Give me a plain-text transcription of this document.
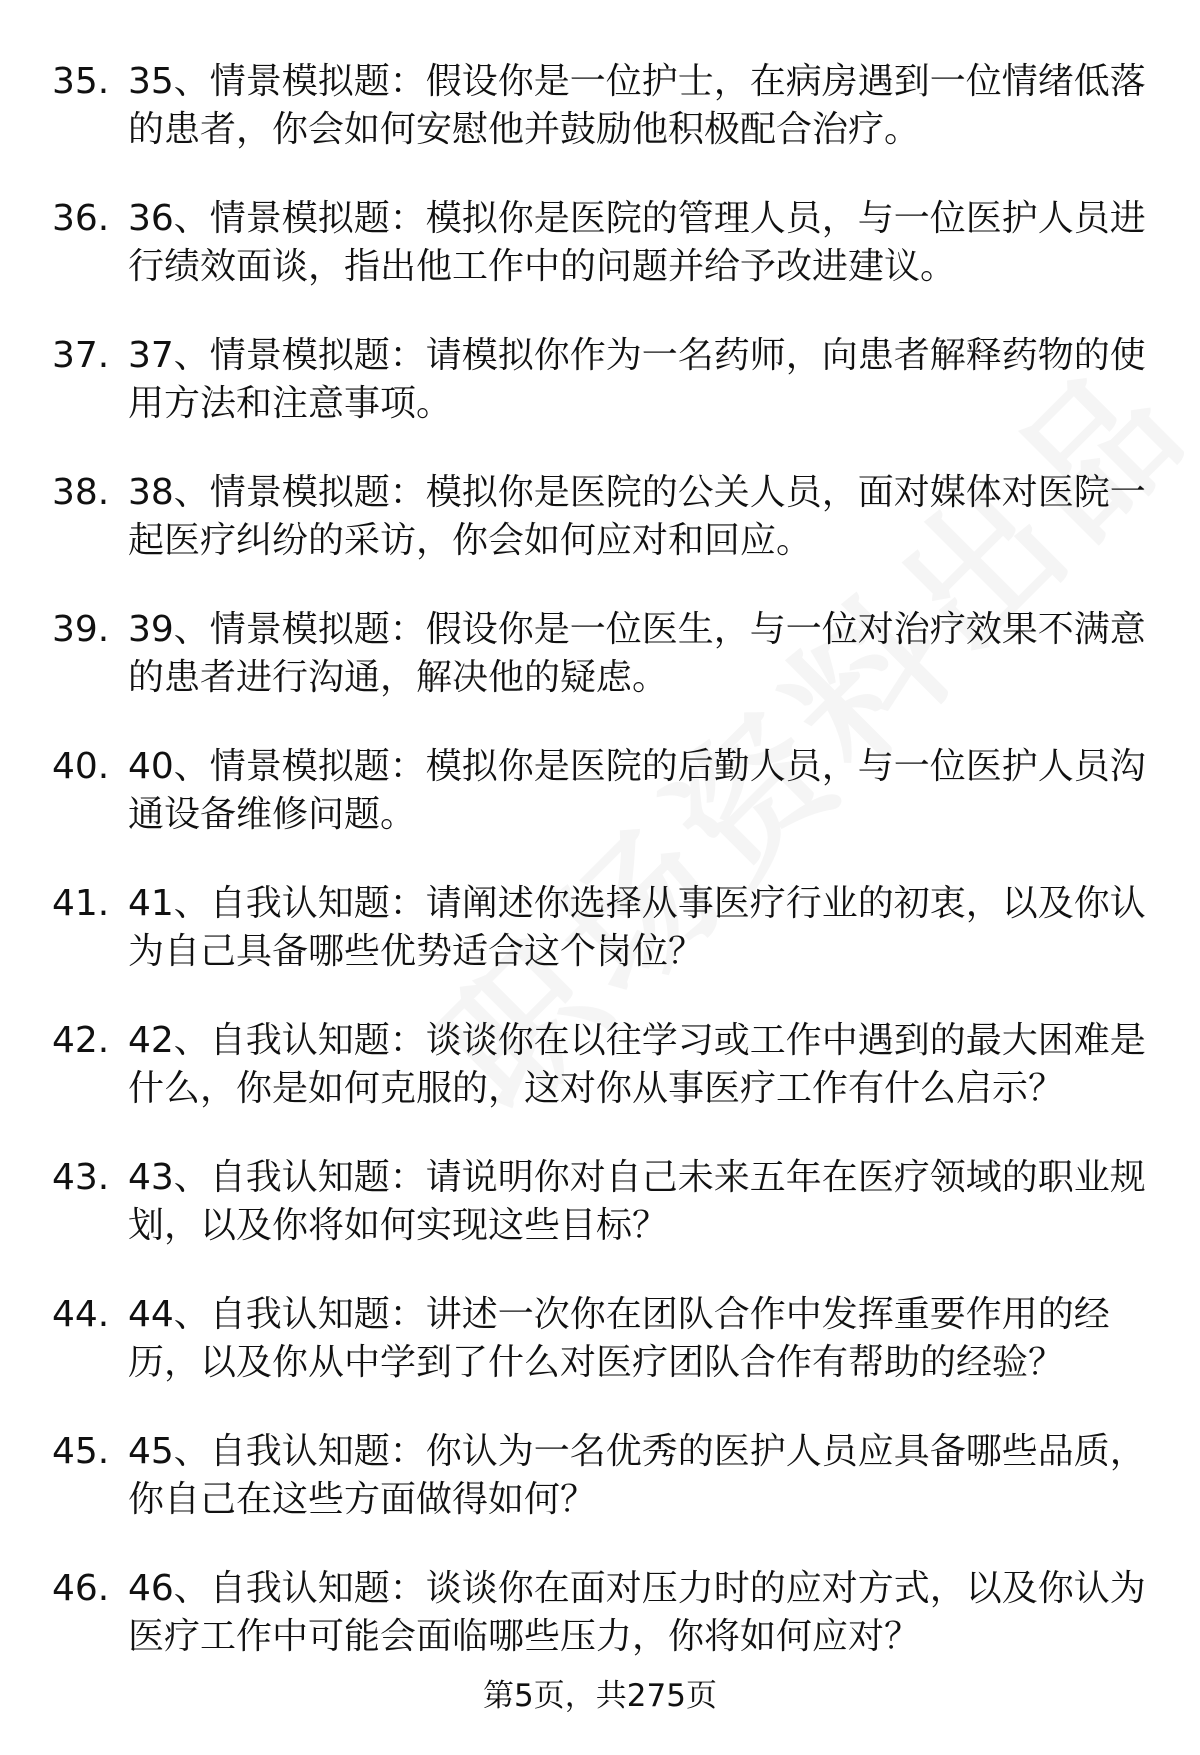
35. 35、情景模拟题：假设你是一位护士，在病房遇到一位情绪低落的患者，你会如何安慰他并鼓励他积极配合治疗。
36. 36、情景模拟题：模拟你是医院的管理人员，与一位医护人员进行绩效面谈，指出他工作中的问题并给予改进建议。
37. 37、情景模拟题：请模拟你作为一名药师，向患者解释药物的使用方法和注意事项。
38. 38、情景模拟题：模拟你是医院的公关人员，面对媒体对医院一起医疗纠纷的采访，你会如何应对和回应。
39. 39、情景模拟题：假设你是一位医生，与一位对治疗效果不满意的患者进行沟通，解决他的疑虑。
40. 40、情景模拟题：模拟你是医院的后勤人员，与一位医护人员沟通设备维修问题。
41. 41、自我认知题：请阐述你选择从事医疗行业的初衷，以及你认为自己具备哪些优势适合这个岗位？
42. 42、自我认知题：谈谈你在以往学习或工作中遇到的最大困难是什么，你是如何克服的，这对你从事医疗工作有什么启示？
43. 43、自我认知题：请说明你对自己未来五年在医疗领域的职业规划，以及你将如何实现这些目标？
44. 44、自我认知题：讲述一次你在团队合作中发挥重要作用的经历，以及你从中学到了什么对医疗团队合作有帮助的经验？
45. 45、自我认知题：你认为一名优秀的医护人员应具备哪些品质，你自己在这些方面做得如何？
46. 46、自我认知题：谈谈你在面对压力时的应对方式，以及你认为医疗工作中可能会面临哪些压力，你将如何应对？
第5页，共275页
